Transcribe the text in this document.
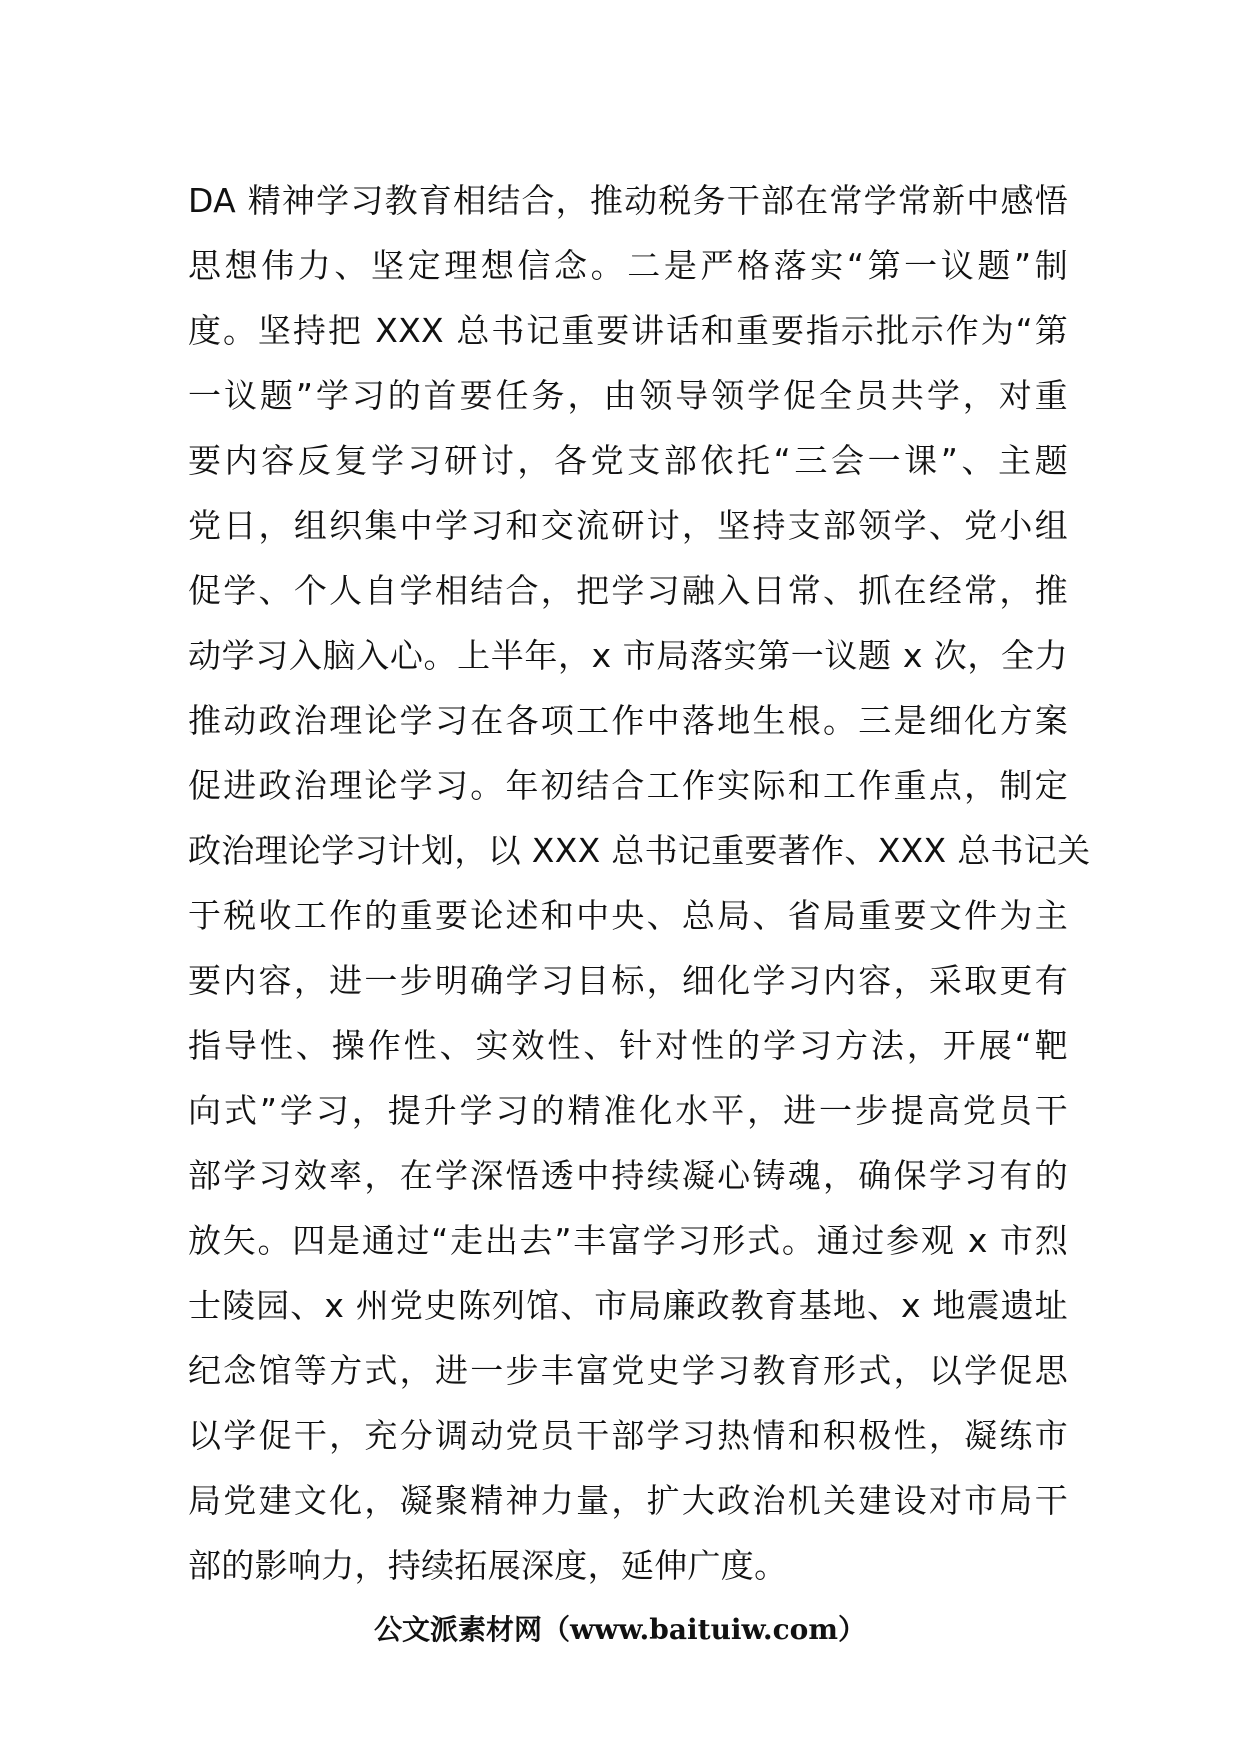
DA 精神学习教育相结合，推动税务干部在常学常新中感悟
思想伟力、坚定理想信念。二是严格落实“第一议题”制
度。坚持把 XXX 总书记重要讲话和重要指示批示作为“第
一议题”学习的首要任务，由领导领学促全员共学，对重
要内容反复学习研讨，各党支部依托“三会一课”、主题
党日，组织集中学习和交流研讨，坚持支部领学、党小组
促学、个人自学相结合，把学习融入日常、抓在经常，推
动学习入脑入心。上半年，x 市局落实第一议题 x 次，全力
推动政治理论学习在各项工作中落地生根。三是细化方案
促进政治理论学习。年初结合工作实际和工作重点，制定
政治理论学习计划，以 XXX 总书记重要著作、XXX 总书记关
于税收工作的重要论述和中央、总局、省局重要文件为主
要内容，进一步明确学习目标，细化学习内容，采取更有
指导性、操作性、实效性、针对性的学习方法，开展“靶
向式”学习，提升学习的精准化水平，进一步提高党员干
部学习效率，在学深悟透中持续凝心铸魂，确保学习有的
放矢。四是通过“走出去”丰富学习形式。通过参观 x 市烈
士陵园、x 州党史陈列馆、市局廉政教育基地、x 地震遗址
纪念馆等方式，进一步丰富党史学习教育形式，以学促思
以学促干，充分调动党员干部学习热情和积极性，凝练市
局党建文化，凝聚精神力量，扩大政治机关建设对市局干
部的影响力，持续拓展深度，延伸广度。
公文派素材网（www.baituiw.com）
